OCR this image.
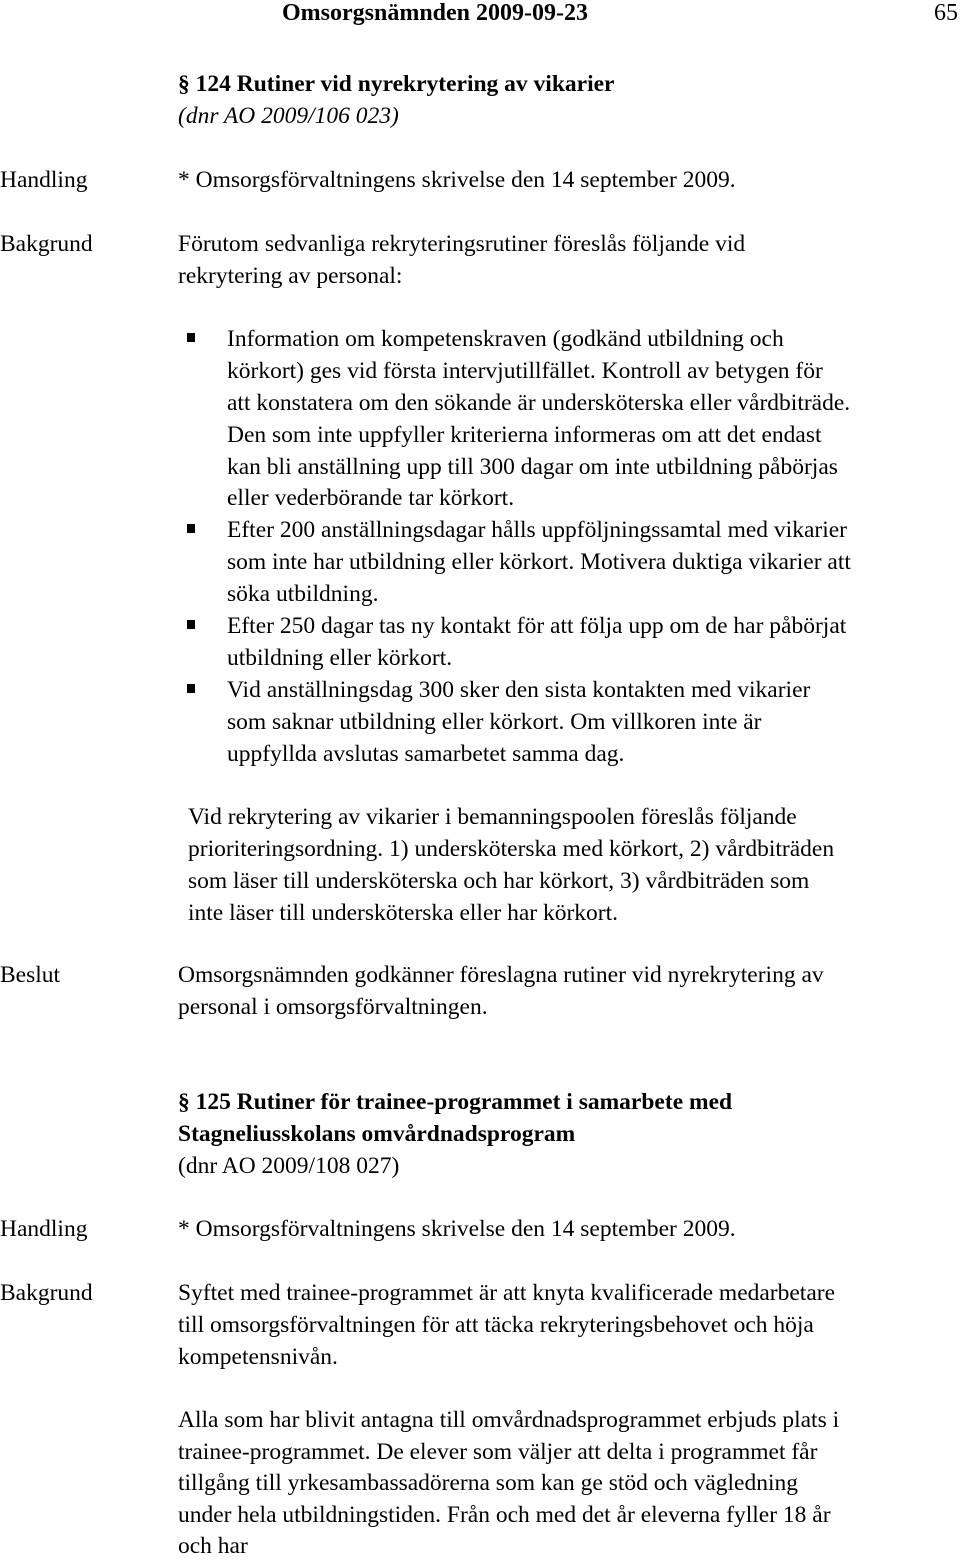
Omsorgsnämnden 2009-09-23	65
§ 124 Rutiner vid nyrekrytering av vikarier
(dnr AO 2009/106 023)
Handling	* Omsorgsförvaltningens skrivelse den 14 september 2009.
Bakgrund	Förutom sedvanliga rekryteringsrutiner föreslås följande vid
rekrytering av personal:
Information om kompetenskraven (godkänd utbildning och
körkort) ges vid första intervjutillfället. Kontroll av betygen för
att konstatera om den sökande är undersköterska eller vårdbiträde.
Den som inte uppfyller kriterierna informeras om att det endast
kan bli anställning upp till 300 dagar om inte utbildning påbörjas
eller vederbörande tar körkort.
Efter 200 anställningsdagar hålls uppföljningssamtal med vikarier
som inte har utbildning eller körkort. Motivera duktiga vikarier att
söka utbildning.
Efter 250 dagar tas ny kontakt för att följa upp om de har påbörjat
utbildning eller körkort.
Vid anställningsdag 300 sker den sista kontakten med vikarier
som saknar utbildning eller körkort. Om villkoren inte är
uppfyllda avslutas samarbetet samma dag.
Vid rekrytering av vikarier i bemanningspoolen föreslås följande
prioriteringsordning. 1) undersköterska med körkort, 2) vårdbiträden
som läser till undersköterska och har körkort, 3) vårdbiträden som
inte läser till undersköterska eller har körkort.
Beslut	Omsorgsnämnden godkänner föreslagna rutiner vid nyrekrytering av
personal i omsorgsförvaltningen.
§ 125 Rutiner för trainee-programmet i samarbete med
Stagneliusskolans omvårdnadsprogram
(dnr AO 2009/108 027)
Handling	* Omsorgsförvaltningens skrivelse den 14 september 2009.
Bakgrund	Syftet med trainee-programmet är att knyta kvalificerade medarbetare
till omsorgsförvaltningen för att täcka rekryteringsbehovet och höja
kompetensnivån.
Alla som har blivit antagna till omvårdnadsprogrammet erbjuds plats i
trainee-programmet. De elever som väljer att delta i programmet får
tillgång till yrkesambassadörerna som kan ge stöd och vägledning
under hela utbildningstiden. Från och med det år eleverna fyller 18 år
och har
